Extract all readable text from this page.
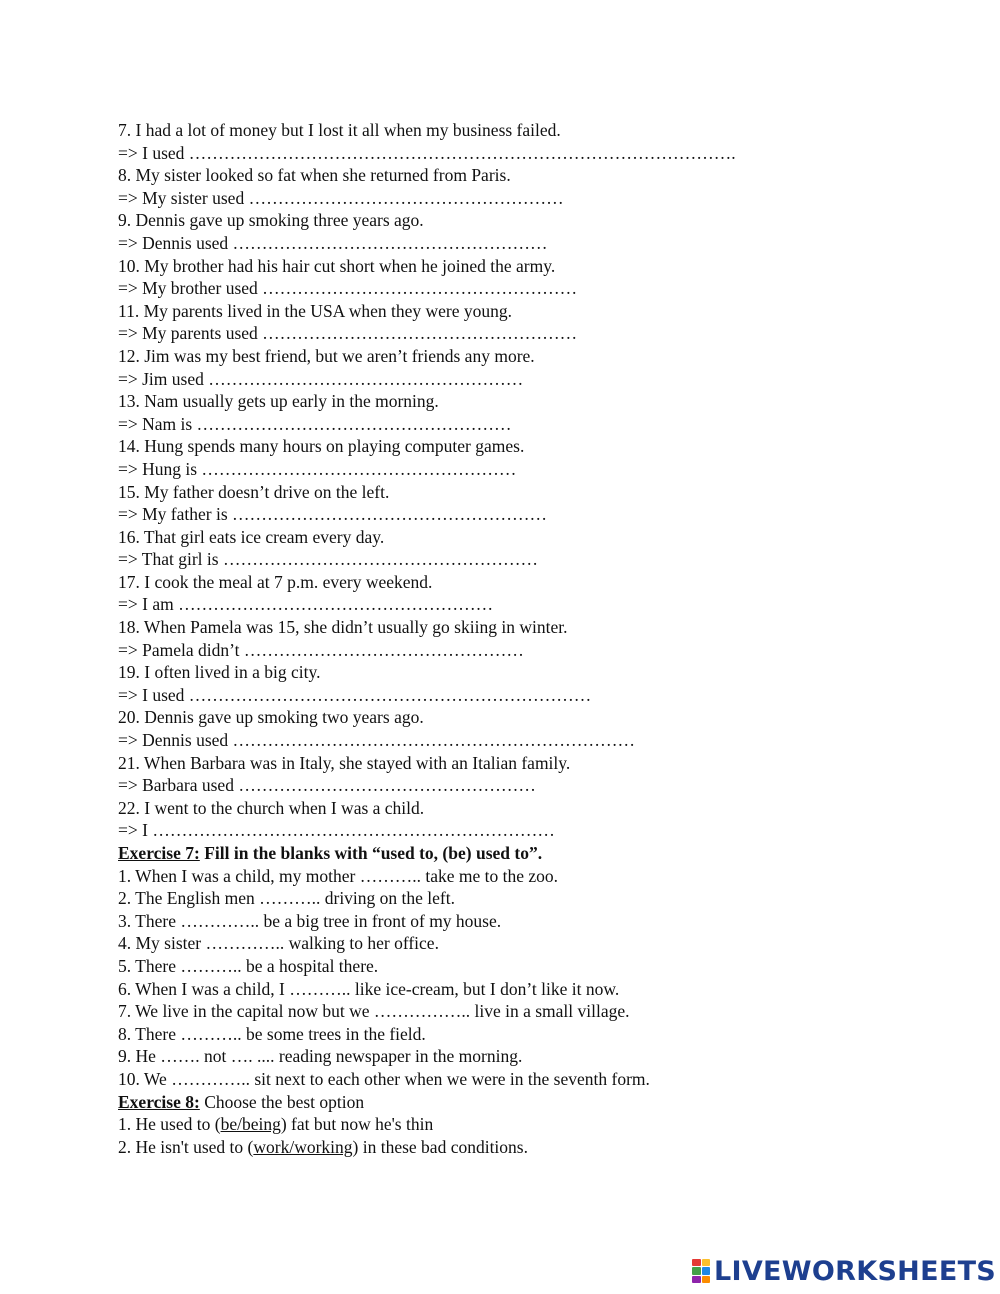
7. I had a lot of money but I lost it all when my business failed.
=> I used ………………………………………………………………………………….
8. My sister looked so fat when she returned from Paris.
=> My sister used ………………………………………………
9. Dennis gave up smoking three years ago.
=> Dennis used ………………………………………………
10. My brother had his hair cut short when he joined the army.
=> My brother used ………………………………………………
11. My parents lived in the USA when they were young.
=> My parents used ………………………………………………
12. Jim was my best friend, but we aren’t friends any more.
=> Jim used ………………………………………………
13. Nam usually gets up early in the morning.
=> Nam is ………………………………………………
14. Hung spends many hours on playing computer games.
=> Hung is ………………………………………………
15. My father doesn’t drive on the left.
=> My father is ………………………………………………
16. That girl eats ice cream every day.
=> That girl is ………………………………………………
17. I cook the meal at 7 p.m. every weekend.
=> I am ………………………………………………
18. When Pamela was 15, she didn’t usually go skiing in winter.
=> Pamela didn’t …………………………………………
19. I often lived in a big city.
=> I used ……………………………………………………………
20. Dennis gave up smoking two years ago.
=> Dennis used ……………………………………………………………
21. When Barbara was in Italy, she stayed with an Italian family.
=> Barbara used ……………………………………………
22. I went to the church when I was a child.
=> I ……………………………………………………………
Exercise 7: Fill in the blanks with “used to, (be) used to”.
1. When I was a child, my mother ……….. take me to the zoo.
2. The English men ……….. driving on the left.
3. There ………….. be a big tree in front of my house.
4. My sister ………….. walking to her office.
5. There ……….. be a hospital there.
6. When I was a child, I ……….. like ice-cream, but I don’t like it now.
7. We live in the capital now but we …………….. live in a small village.
8. There ……….. be some trees in the field.
9. He ……. not …. .... reading newspaper in the morning.
10. We ………….. sit next to each other when we were in the seventh form.
Exercise 8: Choose the best option
1. He used to (be/being) fat but now he's thin
2. He isn't used to (work/working) in these bad conditions.
LIVEWORKSHEETS
